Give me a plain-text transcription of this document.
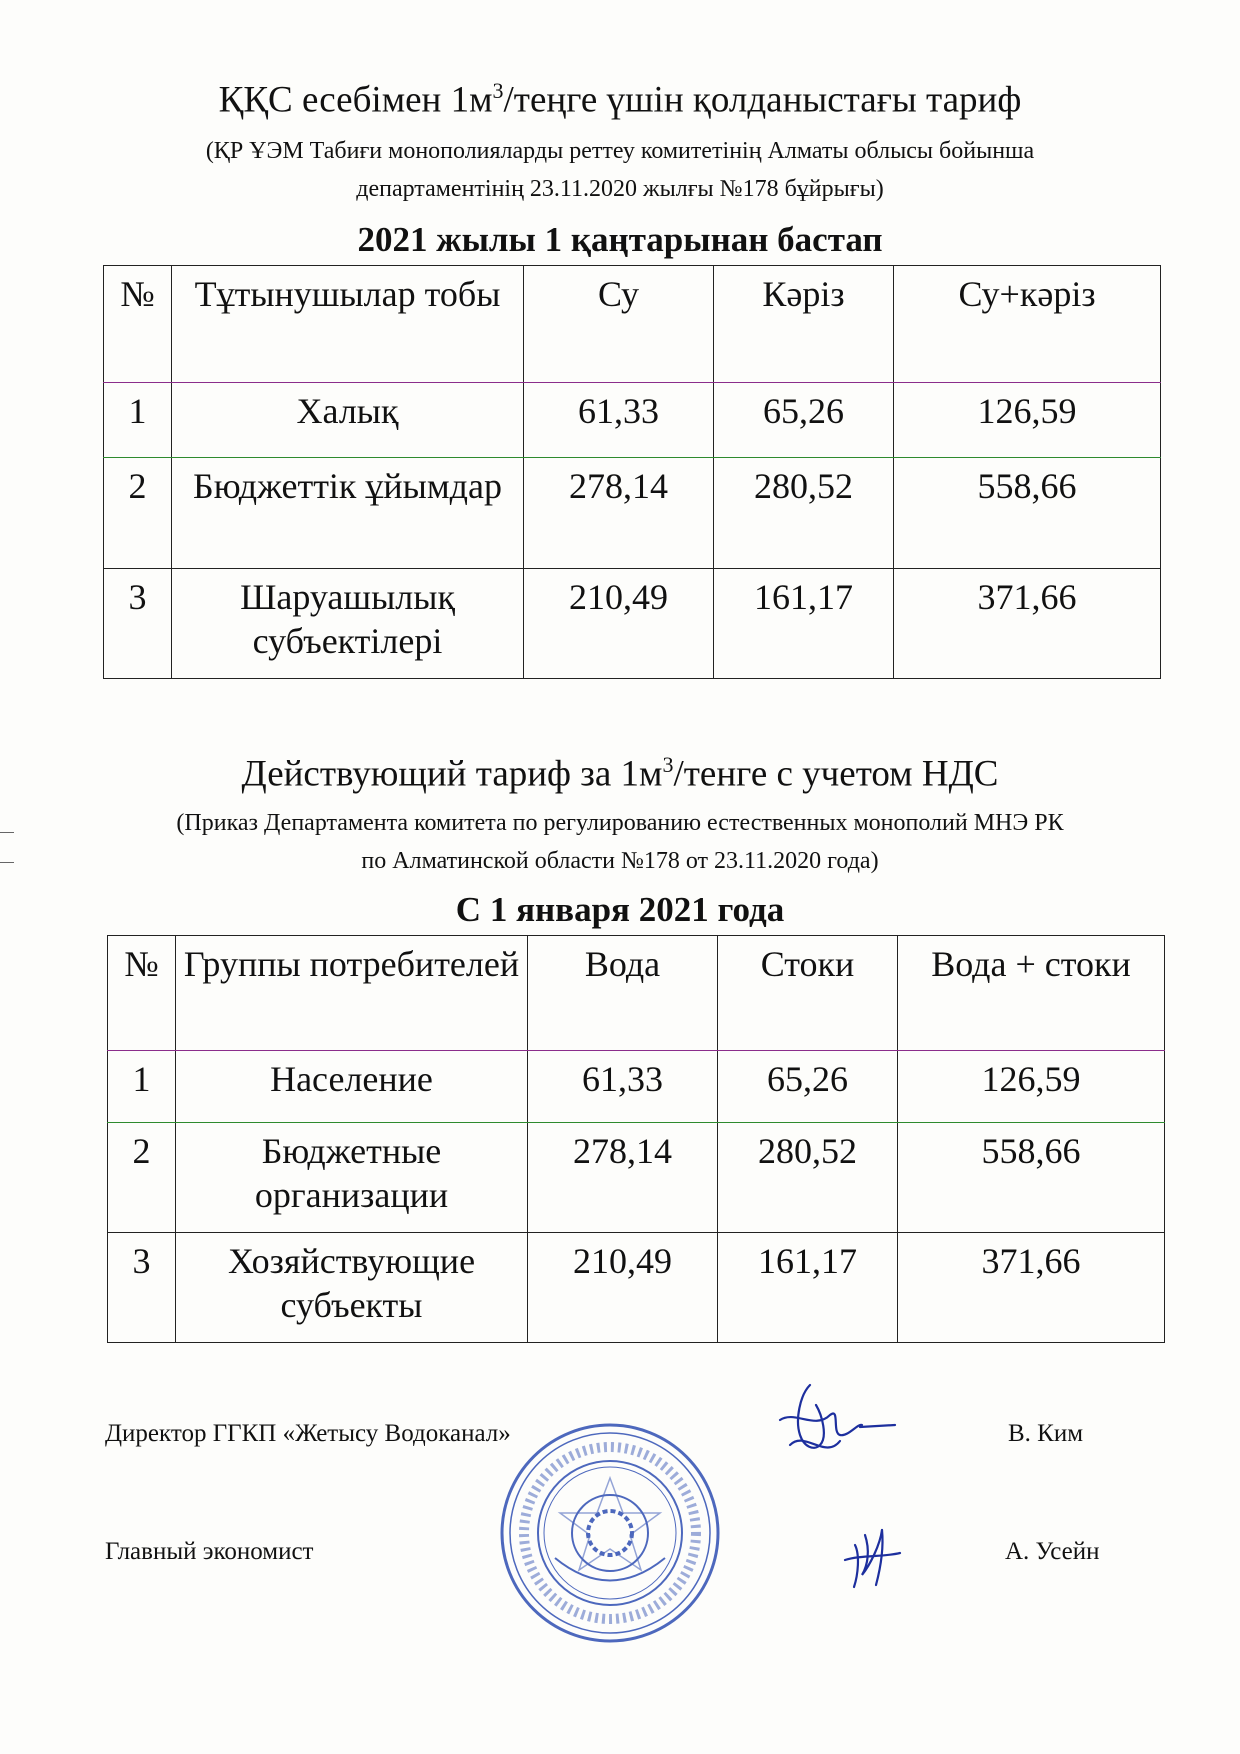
ҚҚС есебімен $1м^3$/теңге үшін қолданыстағы тариф
(ҚР ҰЭМ Табиғи монополияларды реттеу комитетінің Алматы облысы бойынша
департаментінің 23.11.2020 жылғы №178 бұйрығы)
2021 жылы 1 қаңтарынан бастап
№	Тұтынушылар тобы	Су	Кәріз	Су+кәріз
1	Халық	61,33	65,26	126,59
2	Бюджеттік ұйымдар	278,14	280,52	558,66
3	Шаруашылық субъектілері	210,49	161,17	371,66
Действующий тариф за $1м^3$/тенге с учетом НДС
(Приказ Департамента комитета по регулированию естественных монополий МНЭ РК
по Алматинской области №178 от 23.11.2020 года)
С 1 января 2021 года
№	Группы потребителей	Вода	Стоки	Вода + стоки
1	Население	61,33	65,26	126,59
2	Бюджетные организации	278,14	280,52	558,66
3	Хозяйствующие субъекты	210,49	161,17	371,66
Директор ГГКП «Жетысу Водоканал»	В. Ким
Главный экономист	А. Усейн
